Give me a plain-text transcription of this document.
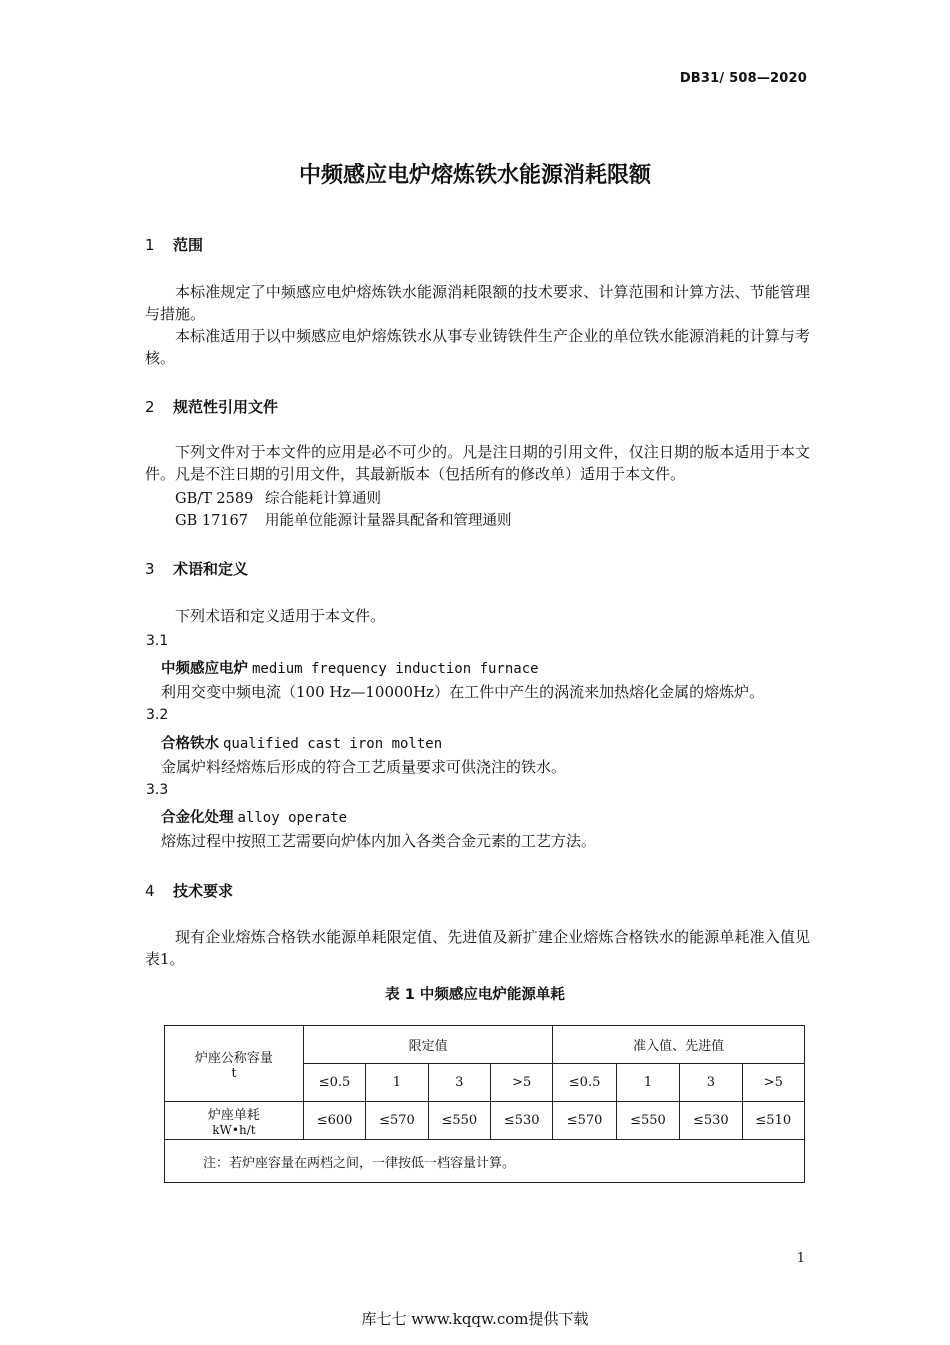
DB31/ 508—2020
中频感应电炉熔炼铁水能源消耗限额
1 范围
本标准规定了中频感应电炉熔炼铁水能源消耗限额的技术要求、计算范围和计算方法、节能管理与措施。
本标准适用于以中频感应电炉熔炼铁水从事专业铸铁件生产企业的单位铁水能源消耗的计算与考核。
2 规范性引用文件
下列文件对于本文件的应用是必不可少的。凡是注日期的引用文件，仅注日期的版本适用于本文件。凡是不注日期的引用文件，其最新版本（包括所有的修改单）适用于本文件。
GB/T 2589 综合能耗计算通则
GB 17167 用能单位能源计量器具配备和管理通则
3 术语和定义
下列术语和定义适用于本文件。
3.1
中频感应电炉 medium frequency induction furnace
利用交变中频电流（100 Hz—10000Hz）在工件中产生的涡流来加热熔化金属的熔炼炉。
3.2
合格铁水 qualified cast iron molten
金属炉料经熔炼后形成的符合工艺质量要求可供浇注的铁水。
3.3
合金化处理 alloy operate
熔炼过程中按照工艺需要向炉体内加入各类合金元素的工艺方法。
4 技术要求
现有企业熔炼合格铁水能源单耗限定值、先进值及新扩建企业熔炼合格铁水的能源单耗准入值见表1。
表 1 中频感应电炉能源单耗
炉座公称容量
t	限定值				准入值、先进值			
	≤0.5	1	3	>5	≤0.5	1	3	>5

炉座单耗
kW•h/t	≤600	≤570	≤550	≤530	≤570	≤550	≤530	≤510
注：若炉座容量在两档之间，一律按低一档容量计算。								
1
库七七 www.kqqw.com提供下载
